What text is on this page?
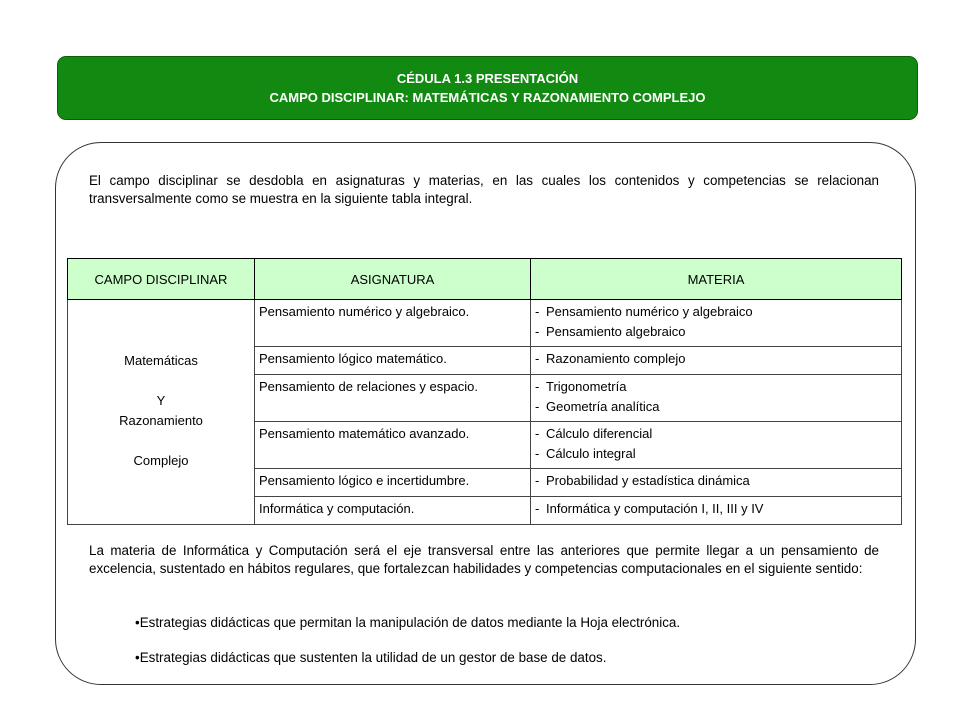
CÉDULA 1.3 PRESENTACIÓN
CAMPO DISCIPLINAR: MATEMÁTICAS Y RAZONAMIENTO COMPLEJO
El campo disciplinar se desdobla en asignaturas y materias, en las cuales los contenidos y competencias se relacionan transversalmente como se muestra en la siguiente tabla integral.
CAMPO DISCIPLINAR	ASIGNATURA	MATERIA

Matemáticas
Y
Razonamiento
Complejo	Pensamiento numérico y algebraico.	- Pensamiento numérico y algebraico
- Pensamiento algebraico

	Pensamiento lógico matemático.	- Razonamiento complejo

	Pensamiento de relaciones y espacio.	- Trigonometría
- Geometría analítica

	Pensamiento matemático avanzado.	- Cálculo diferencial
- Cálculo integral

	Pensamiento lógico e incertidumbre.	- Probabilidad y estadística dinámica

	Informática y computación.	- Informática y computación I, II, III y IV
La materia de Informática y Computación será el eje transversal entre las anteriores que permite llegar a un pensamiento de excelencia, sustentado en hábitos regulares, que fortalezcan habilidades y competencias computacionales en el siguiente sentido:
•Estrategias didácticas que permitan la manipulación de datos mediante la Hoja electrónica.
•Estrategias didácticas que sustenten la utilidad de un gestor de base de datos.
